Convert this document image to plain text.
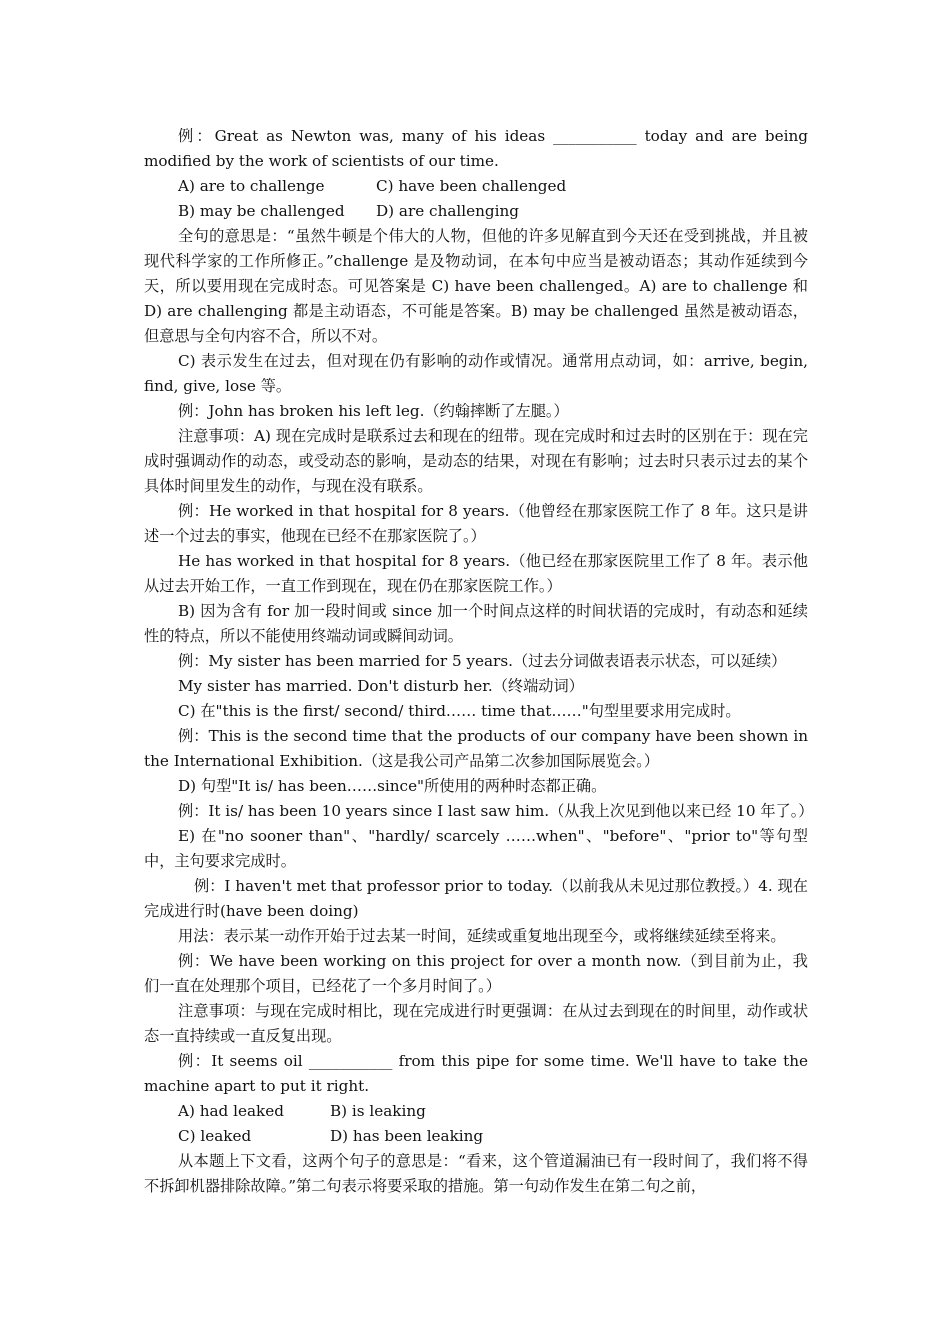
例：Great as Newton was, many of his ideas ___________ today and are being modified by the work of scientists of our time.

A) are to challenge	C) have been challenged
B) may be challenged D) are challenging

全句的意思是：“虽然牛顿是个伟大的人物，但他的许多见解直到今天还在受到挑战，并且被现代科学家的工作所修正。”challenge 是及物动词，在本句中应当是被动语态；其动作延续到今天，所以要用现在完成时态。可见答案是 C) have been challenged。A) are to challenge 和 D) are challenging 都是主动语态，不可能是答案。B) may be challenged 虽然是被动语态，但意思与全句内容不合，所以不对。

C) 表示发生在过去，但对现在仍有影响的动作或情况。通常用点动词，如：arrive, begin, find, give, lose 等。

例：John has broken his left leg.（约翰摔断了左腿。）

注意事项：A) 现在完成时是联系过去和现在的纽带。现在完成时和过去时的区别在于：现在完成时强调动作的动态，或受动态的影响，是动态的结果，对现在有影响；过去时只表示过去的某个具体时间里发生的动作，与现在没有联系。

例：He worked in that hospital for 8 years.（他曾经在那家医院工作了 8 年。这只是讲述一个过去的事实，他现在已经不在那家医院了。）

He has worked in that hospital for 8 years.（他已经在那家医院里工作了 8 年。表示他从过去开始工作，一直工作到现在，现在仍在那家医院工作。）

B) 因为含有 for 加一段时间或 since 加一个时间点这样的时间状语的完成时，有动态和延续性的特点，所以不能使用终端动词或瞬间动词。

例：My sister has been married for 5 years.（过去分词做表语表示状态，可以延续）

My sister has married. Don't disturb her.（终端动词）

C) 在"this is the first/ second/ third…… time that……"句型里要求用完成时。

例：This is the second time that the products of our company have been shown in the International Exhibition.（这是我公司产品第二次参加国际展览会。）

D) 句型"It is/ has been……since"所使用的两种时态都正确。

例：It is/ has been 10 years since I last saw him.（从我上次见到他以来已经 10 年了。）

E) 在"no sooner than"、"hardly/ scarcely ……when"、"before"、"prior to"等句型中，主句要求完成时。

例：I haven't met that professor prior to today.（以前我从未见过那位教授。）4. 现在完成进行时(have been doing)

用法：表示某一动作开始于过去某一时间，延续或重复地出现至今，或将继续延续至将来。

例：We have been working on this project for over a month now.（到目前为止，我们一直在处理那个项目，已经花了一个多月时间了。）

注意事项：与现在完成时相比，现在完成进行时更强调：在从过去到现在的时间里，动作或状态一直持续或一直反复出现。

例：It seems oil ___________ from this pipe for some time. We'll have to take the machine apart to put it right.

A) had leaked	B) is leaking
C) leaked	D) has been leaking

从本题上下文看，这两个句子的意思是：“看来，这个管道漏油已有一段时间了，我们将不得不拆卸机器排除故障。”第二句表示将要采取的措施。第一句动作发生在第二句之前，
